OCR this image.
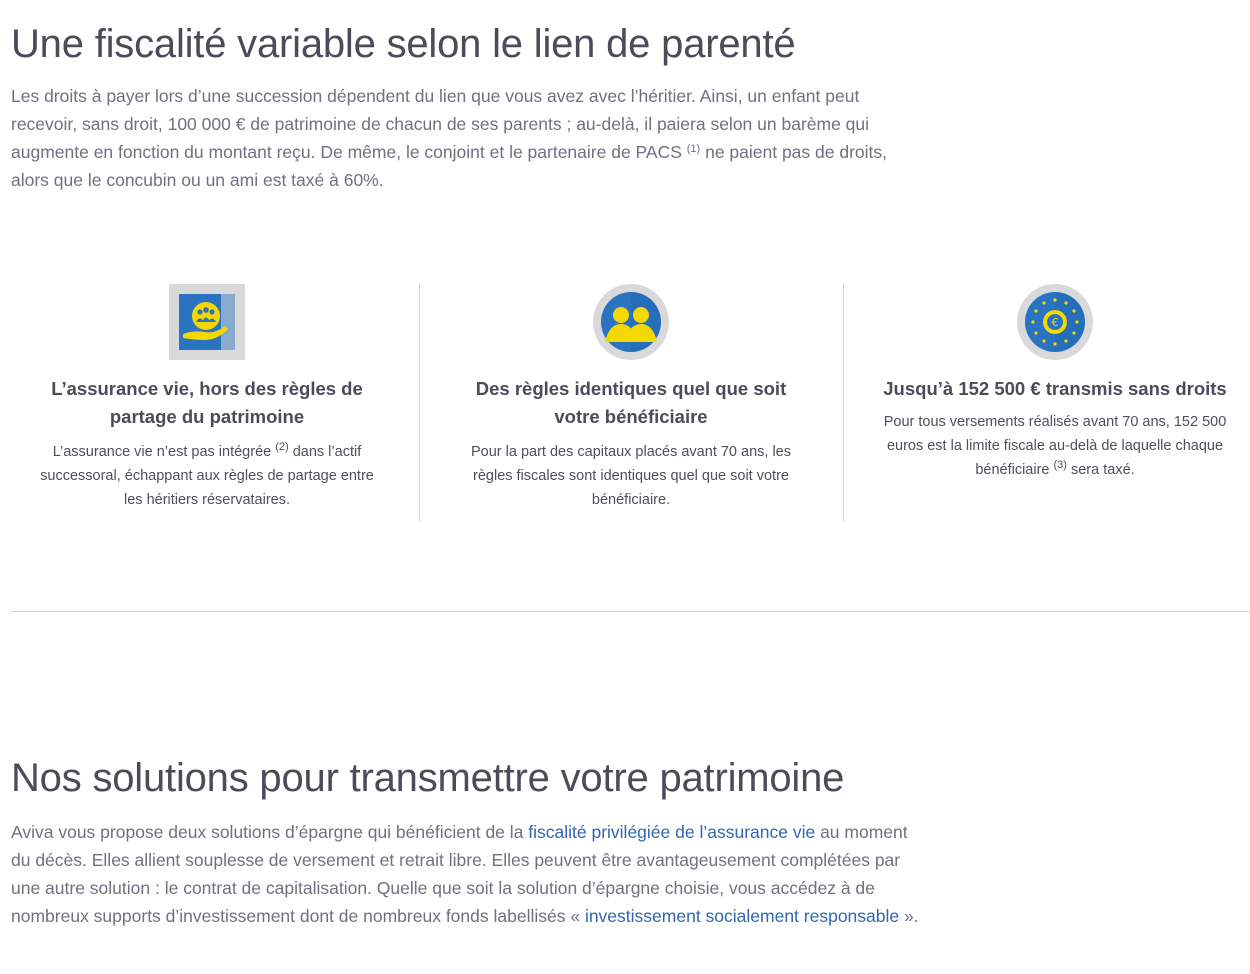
Une fiscalité variable selon le lien de parenté

Les droits à payer lors d’une succession dépendent du lien que vous avez avec l’héritier. Ainsi, un enfant peut recevoir, sans droit, 100 000 € de patrimoine de chacun de ses parents ; au-delà, il paiera selon un barème qui augmente en fonction du montant reçu. De même, le conjoint et le partenaire de PACS $^{(1)}$ ne paient pas de droits, alors que le concubin ou un ami est taxé à 60%.

L’assurance vie, hors des règles de partage du patrimoine

L’assurance vie n’est pas intégrée $^{(2)}$ dans l’actif successoral, échappant aux règles de partage entre les héritiers réservataires.

Des règles identiques quel que soit votre bénéficiaire

Pour la part des capitaux placés avant 70 ans, les règles fiscales sont identiques quel que soit votre bénéficiaire.

€
Jusqu’à 152 500 € transmis sans droits

Pour tous versements réalisés avant 70 ans, 152 500 euros est la limite fiscale au-delà de laquelle chaque bénéficiaire $^{(3)}$ sera taxé.

Nos solutions pour transmettre votre patrimoine

Aviva vous propose deux solutions d’épargne qui bénéficient de la fiscalité privilégiée de l’assurance vie au moment du décès. Elles allient souplesse de versement et retrait libre. Elles peuvent être avantageusement complétées par une autre solution : le contrat de capitalisation. Quelle que soit la solution d’épargne choisie, vous accédez à de nombreux supports d’investissement dont de nombreux fonds labellisés « investissement socialement responsable ».
